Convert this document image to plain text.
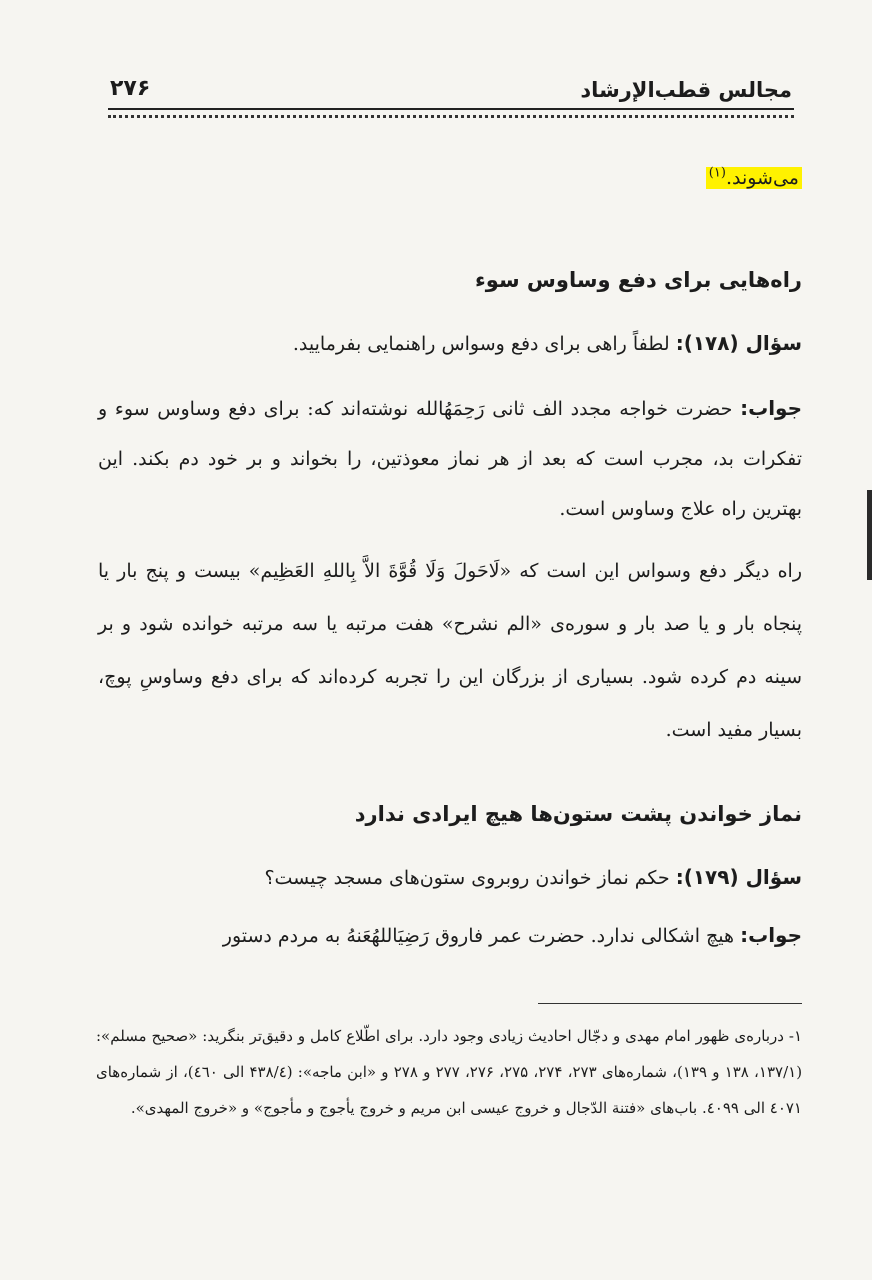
مجالس قطب‌الإرشاد
۲۷۶
می‌شوند.$^{(۱)}$
راه‌هایی برای دفع وساوس سوء
سؤال (۱۷۸): لطفاً راهی برای دفع وسواس راهنمایی بفرمایید.
جواب: حضرت خواجه مجدد الف ثانی رَحِمَهُالله نوشته‌اند که: برای دفع وساوس سوء و تفکرات بد، مجرب است که بعد از هر نماز معوذتین، را بخواند و بر خود دم بکند. این بهترین راه علاج وساوس است.
راه دیگر دفع وسواس این است که «لَاحَولَ وَلَا قُوَّةَ الاَّ بِاللهِ العَظِيم» بیست و پنج بار یا پنجاه بار و یا صد بار و سوره‌ی «الم نشرح» هفت مرتبه یا سه مرتبه خوانده شود و بر سینه دم کرده شود. بسیاری از بزرگان این را تجربه کرده‌اند که برای دفع وساوسِ پوچ، بسیار مفید است.
نماز خواندن پشت ستون‌ها هیچ ایرادی ندارد
سؤال (۱۷۹): حکم نماز خواندن روبروی ستون‌های مسجد چیست؟
جواب: هیچ اشکالی ندارد. حضرت عمر فاروق رَضِیَاللهُعَنهُ به مردم دستور
۱- درباره‌ی ظهور امام مهدی و دجّال احادیث زیادی وجود دارد. برای اطّلاع کامل و دقیق‌تر بنگرید: «صحیح مسلم»: (۱۳۷/۱، ۱۳۸ و ۱۳۹)، شماره‌های ۲۷۳، ۲۷۴، ۲۷۵، ۲۷۶، ۲۷۷ و ۲۷۸ و «ابن ماجه»: (۴۳۸/٤ الی ٤٦٠)، از شماره‌های ٤٠٧١ الی ٤٠٩٩. باب‌های «فتنة الدّجال و خروج عیسی ابن مریم و خروج یأجوج و مأجوج» و «خروج المهدی».
